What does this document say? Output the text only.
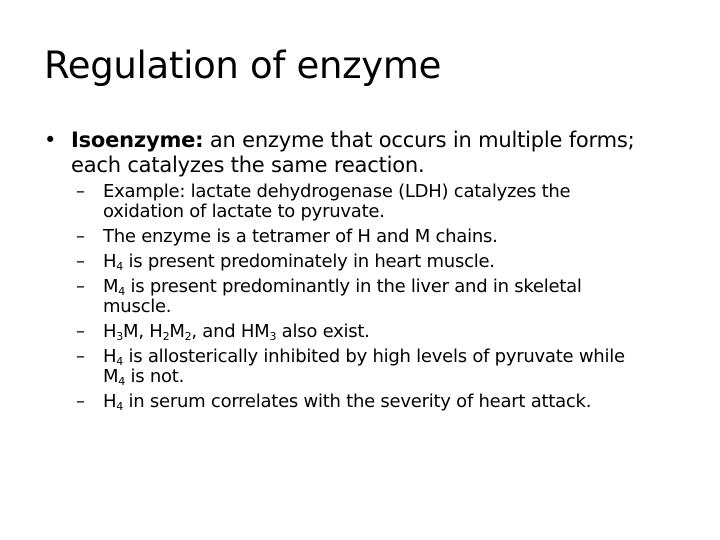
Regulation of enzyme
• Isoenzyme: an enzyme that occurs in multiple forms;
each catalyzes the same reaction.
– Example: lactate dehydrogenase (LDH) catalyzes the
oxidation of lactate to pyruvate.
– The enzyme is a tetramer of H and M chains.
– $H_4$ is present predominately in heart muscle.
– $M_4$ is present predominantly in the liver and in skeletal
muscle.
– $H_3M$, $H_2M_2$, and $HM_3$ also exist.
– $H_4$ is allosterically inhibited by high levels of pyruvate while
$M_4$ is not.
– $H_4$ in serum correlates with the severity of heart attack.
